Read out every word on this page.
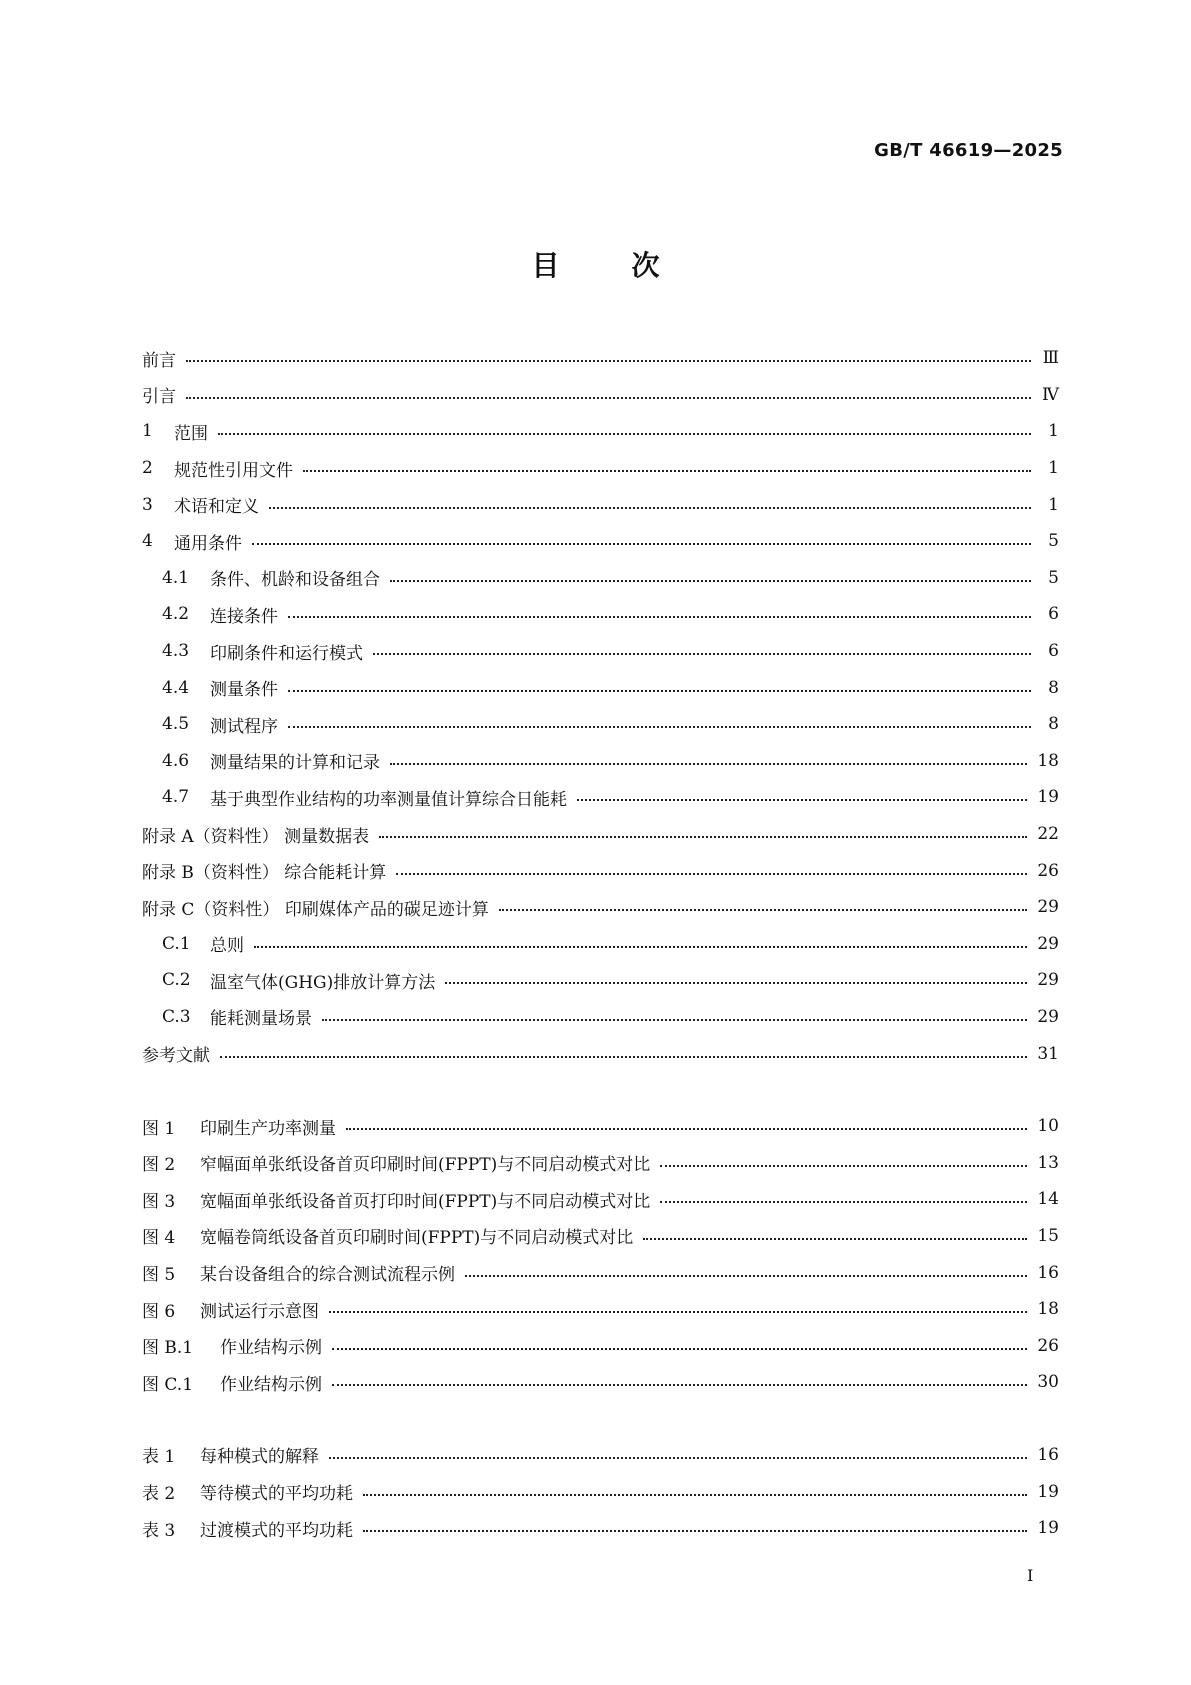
GB/T 46619—2025
目次
前言	Ⅲ
引言	Ⅳ
1	范围	1
2	规范性引用文件	1
3	术语和定义	1
4	通用条件	5
4.1	条件、机龄和设备组合	5
4.2	连接条件	6
4.3	印刷条件和运行模式	6
4.4	测量条件	8
4.5	测试程序	8
4.6	测量结果的计算和记录	18
4.7	基于典型作业结构的功率测量值计算综合日能耗	19
附录 A（资料性） 测量数据表	22
附录 B（资料性） 综合能耗计算	26
附录 C（资料性） 印刷媒体产品的碳足迹计算	29
C.1	总则	29
C.2	温室气体(GHG)排放计算方法	29
C.3	能耗测量场景	29
参考文献	31
图 1	印刷生产功率测量	10
图 2	窄幅面单张纸设备首页印刷时间(FPPT)与不同启动模式对比	13
图 3	宽幅面单张纸设备首页打印时间(FPPT)与不同启动模式对比	14
图 4	宽幅卷筒纸设备首页印刷时间(FPPT)与不同启动模式对比	15
图 5	某台设备组合的综合测试流程示例	16
图 6	测试运行示意图	18
图 B.1	作业结构示例	26
图 C.1	作业结构示例	30
表 1	每种模式的解释	16
表 2	等待模式的平均功耗	19
表 3	过渡模式的平均功耗	19
I
